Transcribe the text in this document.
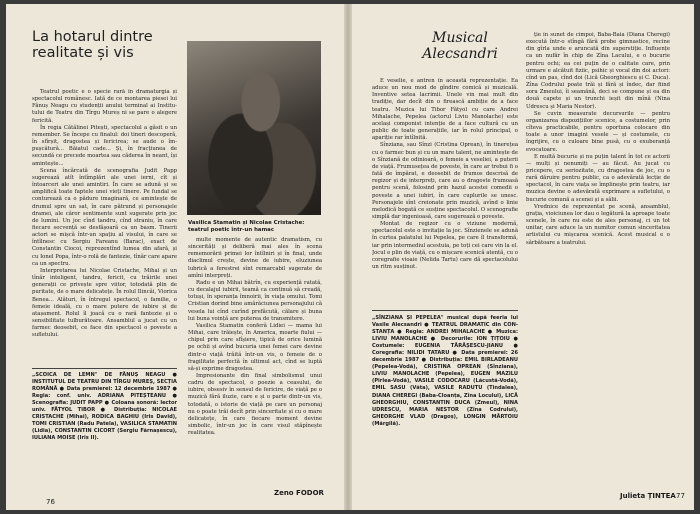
La hotarul dintre realitate și vis

Teatrul poetic e o specie rară în dramaturgia și spectacolul românesc. Iată de ce montarea piesei lui Fănuș Neagu cu studenții anului terminal ai Institutului de Teatru din Tîrgu Mureș ni se pare o alegere fericită.

În regia Cătălinei Pitești, spectacolul a găsit o un remember. Se începe cu finalul: doi tineri descoperă, în sfîrșit, dragostea și fericirea; se aude o împușcătură... Băiatul cade... Și, în fracțiunea de secundă ce precede moartea sau căderea în neant, își amintește...

Scena încărcată de scenografia Judit Papp sugerează atît întîmplări ale unei ierni, cît și întoarceri ale unei amintiri. În care se adună și se amplifică toate faptele unei vieți tinere. Pe fundal se conturează ca o pădure imaginară, ce amintește de drumul spre un sat, în care pătrund și personajele dramei, ale căror sentimente sunt sugerate prin joc de lumini. Un joc cînd tandru, cînd straniu, în care fiecare secvență se desfășoară ca un basm. Tinerii actori se mișcă într-un spațiu al visului, în care se întîlnesc cu Sergiu Fareanu (Barac), exact de Constantin Ciocoi, reprezentînd lumea din afară, și cu Ionel Popa, într-o rolă de fantezie, tînăr care apare ca un spectru.

Interpretarea lui Nicolae Cristache, Mihai și un tînăr inteligent, tandru, fericit, cu trăirile unei generații ce privește spre viitor, totodată plin de puritate, de o mare delicatețe. În rolul Ilincăi, Viorica Benea... Alături, în întregul spectacol, o familie, o femeie ideală, cu o mare putere de iubire și de atașament. Rolul îl joacă cu o rară fantezie și o sensibilitate tulburătoare. Ansamblul a jucat cu un farmec deosebit, ce face din spectacol o poveste a sufletului.

„SCOICA DE LEMN" DE FĂNUȘ NEAGU ● INSTITUTUL DE TEATRU DIN TÎRGU MUREȘ, SECȚIA ROMÂNĂ ● Data premierei: 12 decembrie 1987 ● Regia: conf. univ. ADRIANA PITEȘTEANU ● Scenografia: JUDIT PAPP ● Coloana sonoră: lector univ. FĂTYOL TIBOR ● Distribuția: NICOLAE CRISTACHE (Mihai), RODICA BAGHIU (Iris David), TOMI CRISTIAN (Radu Patela), VASILICA STAMATIN (Lidia), CONSTANTIN CICORT (Sergiu Fărnașescu), IULIANA MOISE (Iris II).
Vasilica Stamatin și Nicolae Cristache: teatrul poetic într-un hamac

multe momente de autentic dramatism, cu sincerități și deliberă mai ales în scena rememorării primei lor întîlniri și în final, unde diaclimul crește, devine de iubire, eluziunea lubrică a ferestrei sînt remarcabil sugerate de amîni interpreți.

Radu e un Mihai bătrîn, cu experiență ratată, cu decalajul iubirii, teamă ca continuă să creadă, totuși, în speranța îmnoirii, în viața omului. Tomi Cristian dorind bine amărăciunea personajului că vesela lui cînd curînd prefăcută, călare și buna lui buna voință are puterea de transmitere.

Vasilica Stamatin conferă Lidiei — mama lui Mihai, care trăiește, în America, moarte fiului — chipul prin care sfîșiere, tipică de orice lumină pe ochii și avînd bucuria unei femei care devine dintr-o viață trăită într-un vis, o femeie de o fragilitate perfectă în ultimul act, cînd se luptă să-și exprime dragostea.

Impresionante din final simbolismul unui cadru de spectacol, o poezie a ceasului, de iubire, obsesiv în sensul de fericire, de viață pe o muzică fără iluzie, care e și o parte dintr-un vis, totodată, o istorie de viață pe care un personaj nu o poate trăi decît prin sinceritate și cu o mare delicatețe, în care fiecare moment devine simbolic, într-un joc în care visul stăpînește realitatea.

Zeno FODOR
76
Musical Alecsandri

E veselie, e antren în această reprezentație. Ea aduce un nou mod de gîndire comică și muzicală. Inventive setea lacrimii. Unele vin mai mult din tradiție, dar decît din o firească ambiție de a face teatru. Muzica lui Tibor Fătyol cu care Andrei Mihalache, Pepelea (actorul Liviu Manolache) este același componist intenție de a face cultură cu un public de toate generațiile, iar în rolul principal, o apariție rar întîlnită.

Sînziana, sau Sînzi (Cristina Oprean), în tinerețea cu o farmec bun și cu un mare talent, ne amintește de o Sînziană de odinioară, o femeie a veseliei, a puterii de viață. Frumusețea de poveste, în care ar trebui fi o fată de împărat, e deosebit de frumos descrisă de regizor și de interpreți, care au o dragoste frumoasă pentru scenă, folosind prin hazul acestei comedii o poveste a unei iubiri, în care cuplurile se unesc. Personajele sînt creionate prin muzică, avînd o linie melodică bogată ce susține spectacolul. O scenografie simplă dar ingenioasă, care sugerează o poveste.

Montat de regizor cu o viziune modernă, spectacolul este o invitație la joc. Sînzienele se adună în curtea palatului lui Pepelea, pe care îl transformă, iar prin intermediul acestuia, pe toți cei care vin la el. Jocul e plin de viață, cu o mișcare scenică atentă, cu o coregrafie vioaie (Nelida Tartu) care dă spectacolului un ritm susținut.

„SÎNZIANA ȘI PEPELEA" musical după feeria lui Vasile Alecsandri ● TEATRUL DRAMATIC din CONSTANȚA ● Regia: ANDREI MIHALACHE ● Muzica: LIVIU MANOLACHE ● Decorurile: ION ȚIȚOIU ● Costumele: EUGENIA TĂRĂȘESCU-JIANU ● Coregrafia: NILIDI TATARU ● Data premierei: 26 decembrie 1987 ● Distribuția: EMIL BIRLADEANU (Pepelea-Vodă), CRISTINA OPREAN (Sînziana), LIVIU MANOLACHE (Pepelea), EUGEN MAZILU (Pirlea-Vodă), VASILE CODOCARU (Lăcustă-Vodă), EMIL SASU (Văta), VASILE RADUTU (Tindalea), DIANA CHEREGI (Baba-Cloanța, Zîna Locului), LICĂ GHEORGHIU, CONSTANTIN DUCA (Zmeul), NINA UDRESCU, MARIA NESTOR (Zîna Codrului), GHEORGHE VLAD (Dragoș), LONGIN MĂRTOIU (Mărgilă).

ție în sunet de cimpoi, Baba-Baia (Diana Cheregi) execută într-o stîngă fără probe gimnastice, recine din gîrla unde e aruncată din superstiție. Influențe ca un nufăr în chip de Zîna Lacului, e o bucurie pentru ochi; ea cei puțin de o calitate care, prin urmare e alcătuit fiziic, psihic și vocal din doi actori: cînd un pas, cînd doi (Lică Gheorghiescu și C. Duca). Zîna Codrului poate trăi și fără și îndec, dar fiind sora Zmeului, îi seamănă, deci se compune și ea din două capete și un trunchi ieșit din mînă (Nina Udrescu și Maria Nestor).

Se cuvin measurate decursurile — pentru organizarea dispozițiilor scenice, a costumelor, prin cîteva practicabile, pentru oportuna colocare din toate a unor imagini vesele — și costumele, cu îngrijire, cu o culoare bine pusă, cu o exuberanță evocatoare.

E multă bucurie și nu puțin talent în tot ce actorii — mulți și nenumiți — au făcut. Au jucat cu pricepere, cu seriozitate, cu dragostea de joc, cu o rară dăruire pentru public, ca o adevărată lecție de spectacol, în care viața se împlinește prin teatru, iar muzica devine o adevărată exprimare a sufletului, o bucurie comună a scenei și a sălii.

Vrednice de reprezentat pe scenă, ansamblul, grația, vioiciunea lor dau o legătură la aproape toate scenele, în care nu este de ales personaj, ci un tot unitar, care aduce la un numitor comun sinceritatea artistului cu mișcarea scenică. Acest musical e o sărbătoare a teatrului.

Julieta ȚINTEA 77
